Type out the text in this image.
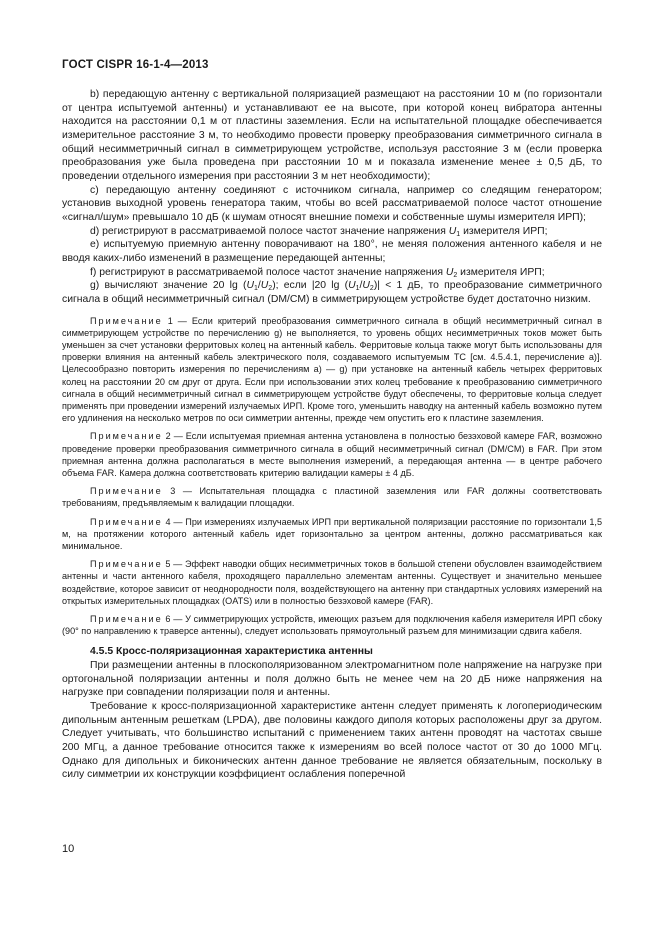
ГОСТ CISPR 16-1-4—2013

b) передающую антенну с вертикальной поляризацией размещают на расстоянии 10 м (по горизонтали от центра испытуемой антенны) и устанавливают ее на высоте, при которой конец вибратора антенны находится на расстоянии 0,1 м от пластины заземления. Если на испытательной площадке обеспечивается измерительное расстояние 3 м, то необходимо провести проверку преобразования симметричного сигнала в общий несимметричный сигнал в симметрирующем устройстве, используя расстояние 3 м (если проверка преобразования уже была проведена при расстоянии 10 м и показала изменение менее ± 0,5 дБ, то проведении отдельного измерения при расстоянии 3 м нет необходимости);

c) передающую антенну соединяют с источником сигнала, например со следящим генератором; установив выходной уровень генератора таким, чтобы во всей рассматриваемой полосе частот отношение «сигнал/шум» превышало 10 дБ (к шумам относят внешние помехи и собственные шумы измерителя ИРП);

d) регистрируют в рассматриваемой полосе частот значение напряжения $U_1$ измерителя ИРП;

e) испытуемую приемную антенну поворачивают на 180°, не меняя положения антенного кабеля и не вводя каких-либо изменений в размещение передающей антенны;

f) регистрируют в рассматриваемой полосе частот значение напряжения $U_2$ измерителя ИРП;

g) вычисляют значение 20 $\lg (U_1/U_2)$; если |20 $\lg (U_1/U_2)| < 1$ дБ, то преобразование симметричного сигнала в общий несимметричный сигнал (DM/CM) в симметрирующем устройстве будет достаточно низким.

Примечание 1 — Если критерий преобразования симметричного сигнала в общий несимметричный сигнал в симметрирующем устройстве по перечислению g) не выполняется, то уровень общих несимметричных токов может быть уменьшен за счет установки ферритовых колец на антенный кабель. Ферритовые кольца также могут быть использованы для проверки влияния на антенный кабель электрического поля, создаваемого испытуемым ТС [см. 4.5.4.1, перечисление a)]. Целесообразно повторить измерения по перечислениям a) — g) при установке на антенный кабель четырех ферритовых колец на расстоянии 20 см друг от друга. Если при использовании этих колец требование к преобразованию симметричного сигнала в общий несимметричный сигнал в симметрирующем устройстве будут обеспечены, то ферритовые кольца следует применять при проведении измерений излучаемых ИРП. Кроме того, уменьшить наводку на антенный кабель возможно путем его удлинения на несколько метров по оси симметрии антенны, прежде чем опустить его к пластине заземления.

Примечание 2 — Если испытуемая приемная антенна установлена в полностью безэховой камере FAR, возможно проведение проверки преобразования симметричного сигнала в общий несимметричный сигнал (DM/CM) в FAR. При этом приемная антенна должна располагаться в месте выполнения измерений, а передающая антенна — в центре рабочего объема FAR. Камера должна соответствовать критерию валидации камеры ± 4 дБ.

Примечание 3 — Испытательная площадка с пластиной заземления или FAR должны соответствовать требованиям, предъявляемым к валидации площадки.

Примечание 4 — При измерениях излучаемых ИРП при вертикальной поляризации расстояние по горизонтали 1,5 м, на протяжении которого антенный кабель идет горизонтально за центром антенны, должно рассматриваться как минимальное.

Примечание 5 — Эффект наводки общих несимметричных токов в большой степени обусловлен взаимодействием антенны и части антенного кабеля, проходящего параллельно элементам антенны. Существует и значительно меньшее воздействие, которое зависит от неоднородности поля, воздействующего на антенну при стандартных условиях измерений на открытых измерительных площадках (OATS) или в полностью безэховой камере (FAR).

Примечание 6 — У симметрирующих устройств, имеющих разъем для подключения кабеля измерителя ИРП сбоку (90° по направлению к траверсе антенны), следует использовать прямоугольный разъем для минимизации сдвига кабеля.

4.5.5 Кросс-поляризационная характеристика антенны

При размещении антенны в плоскополяризованном электромагнитном поле напряжение на нагрузке при ортогональной поляризации антенны и поля должно быть не менее чем на 20 дБ ниже напряжения на нагрузке при совпадении поляризации поля и антенны.

Требование к кросс-поляризационной характеристике антенн следует применять к логопериодическим дипольным антенным решеткам (LPDA), две половины каждого диполя которых расположены друг за другом. Следует учитывать, что большинство испытаний с применением таких антенн проводят на частотах свыше 200 МГц, а данное требование относится также к измерениям во всей полосе частот от 30 до 1000 МГц. Однако для дипольных и биконических антенн данное требование не является обязательным, поскольку в силу симметрии их конструкции коэффициент ослабления поперечной

10
